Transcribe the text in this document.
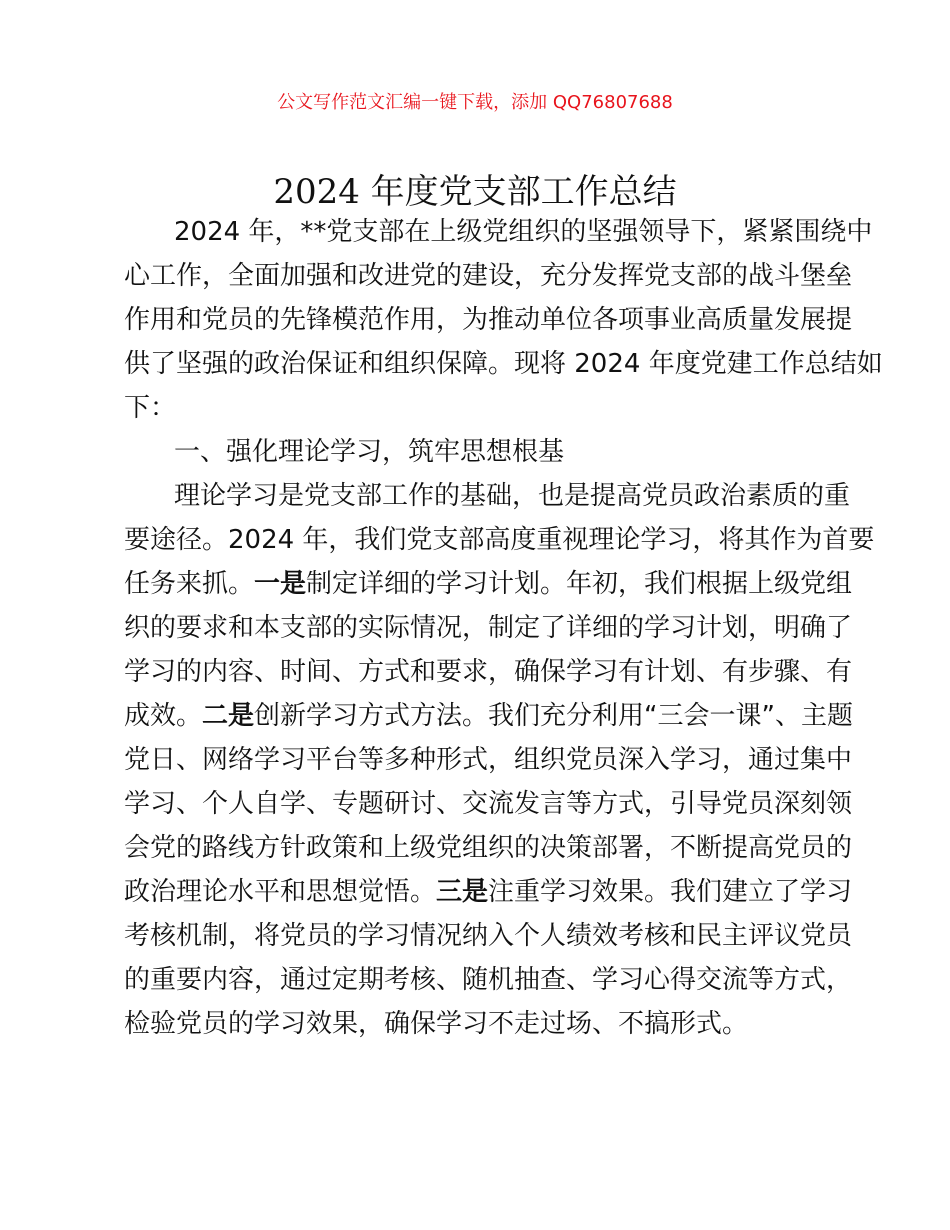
公文写作范文汇编一键下载，添加 QQ76807688
2024 年度党支部工作总结
2024 年，**党支部在上级党组织的坚强领导下，紧紧围绕中
心工作，全面加强和改进党的建设，充分发挥党支部的战斗堡垒
作用和党员的先锋模范作用，为推动单位各项事业高质量发展提
供了坚强的政治保证和组织保障。现将 2024 年度党建工作总结如
下：
一、强化理论学习，筑牢思想根基
理论学习是党支部工作的基础，也是提高党员政治素质的重
要途径。2024 年，我们党支部高度重视理论学习，将其作为首要
任务来抓。一是制定详细的学习计划。年初，我们根据上级党组
织的要求和本支部的实际情况，制定了详细的学习计划，明确了
学习的内容、时间、方式和要求，确保学习有计划、有步骤、有
成效。二是创新学习方式方法。我们充分利用“三会一课”、主题
党日、网络学习平台等多种形式，组织党员深入学习，通过集中
学习、个人自学、专题研讨、交流发言等方式，引导党员深刻领
会党的路线方针政策和上级党组织的决策部署，不断提高党员的
政治理论水平和思想觉悟。三是注重学习效果。我们建立了学习
考核机制，将党员的学习情况纳入个人绩效考核和民主评议党员
的重要内容，通过定期考核、随机抽查、学习心得交流等方式，
检验党员的学习效果，确保学习不走过场、不搞形式。
